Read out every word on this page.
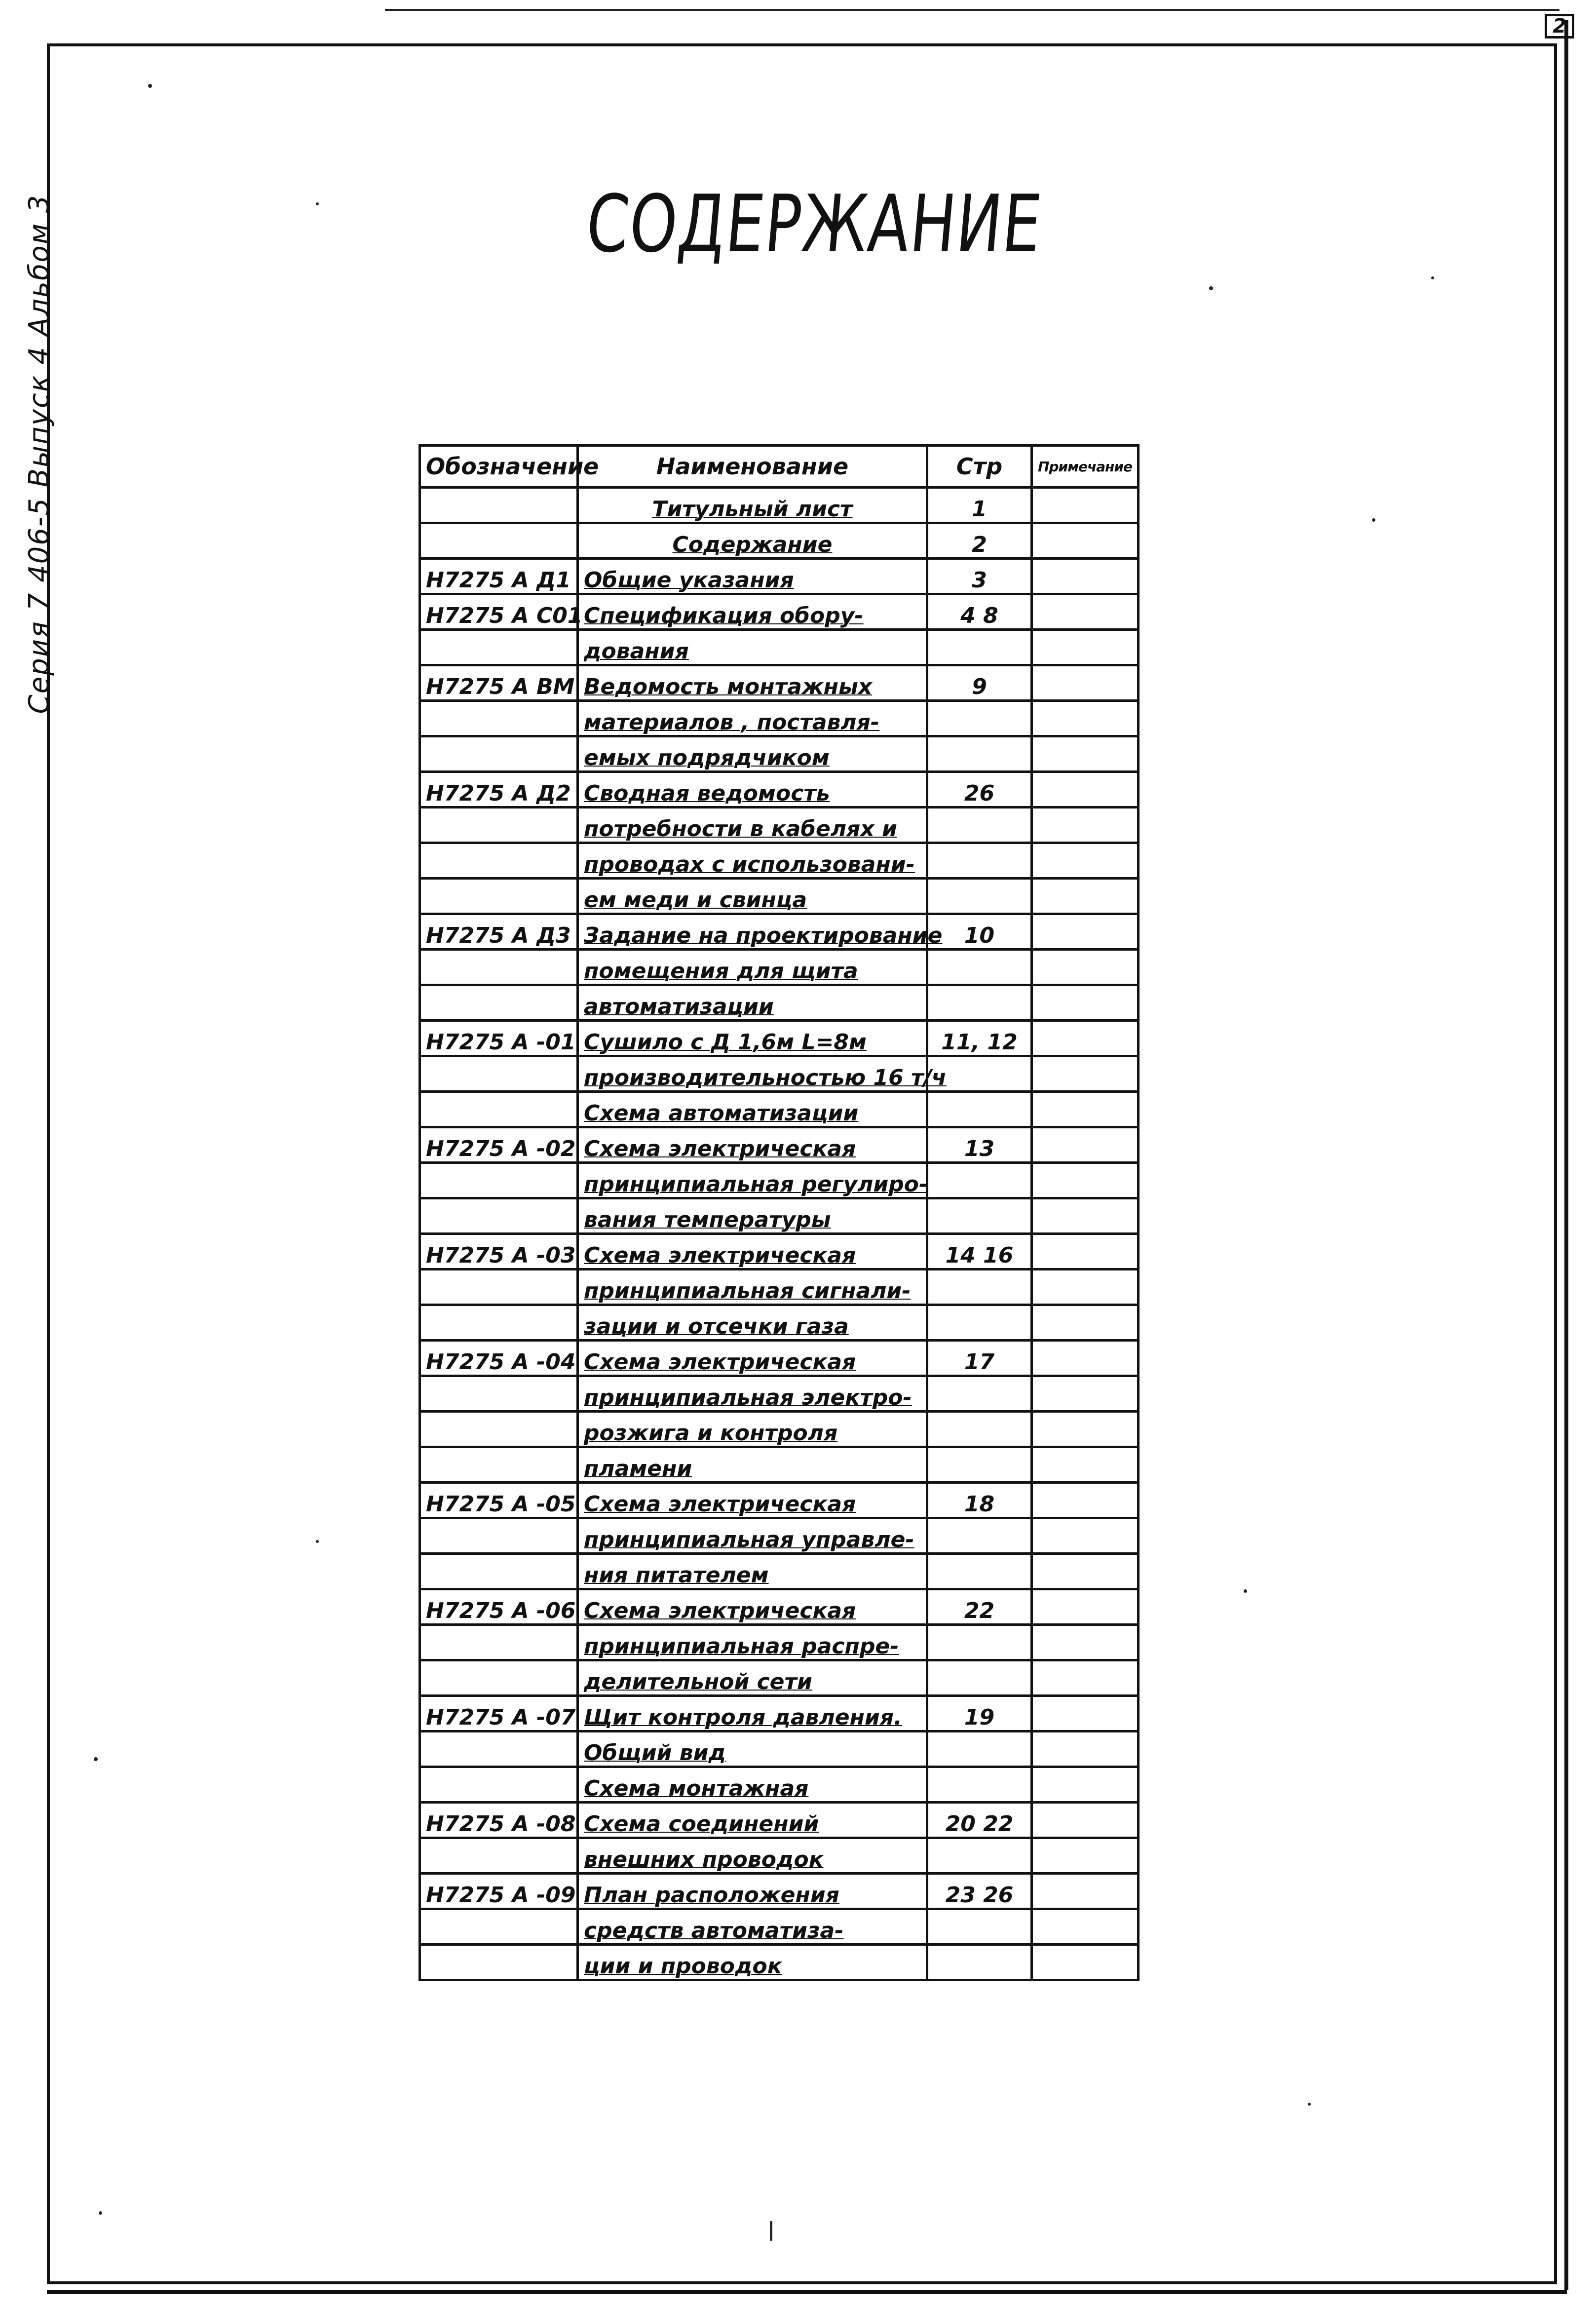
2
Серия 7 406-5 Выпуск 4 Альбом 3	СОДЕРЖАНИЕ
Обозначение	Наименование	Стр	Примечание
	Титульный лист	1	
	Содержание	2	
Н7275 А Д1	Общие указания	3	
Н7275 А С01	Спецификация обору-	4 8	
	дования		
Н7275 А ВМ	Ведомость монтажных	9	
	материалов , поставля-		
	емых подрядчиком		
Н7275 А Д2	Сводная ведомость	26	
	потребности в кабелях и		
	проводах с использовани-		
	ем меди и свинца		
Н7275 А Д3	Задание на проектирование	10	
	помещения для щита		
	автоматизации		
Н7275 А -01	Сушило с Д 1,6м L=8м	11, 12	
	производительностью 16 т/ч		
	Схема автоматизации		
Н7275 А -02	Схема электрическая	13	
	принципиальная регулиро-		
	вания температуры		
Н7275 А -03	Схема электрическая	14 16	
	принципиальная сигнали-		
	зации и отсечки газа		
Н7275 А -04	Схема электрическая	17	
	принципиальная электро-		
	розжига и контроля		
	пламени		
Н7275 А -05	Схема электрическая	18	
	принципиальная управле-		
	ния питателем		
Н7275 А -06	Схема электрическая	22	
	принципиальная распре-		
	делительной сети		
Н7275 А -07	Щит контроля давления.	19	
	Общий вид		
	Схема монтажная		
Н7275 А -08	Схема соединений	20 22	
	внешних проводок		
Н7275 А -09	План расположения	23 26	
	средств автоматиза-		
	ции и проводок		
